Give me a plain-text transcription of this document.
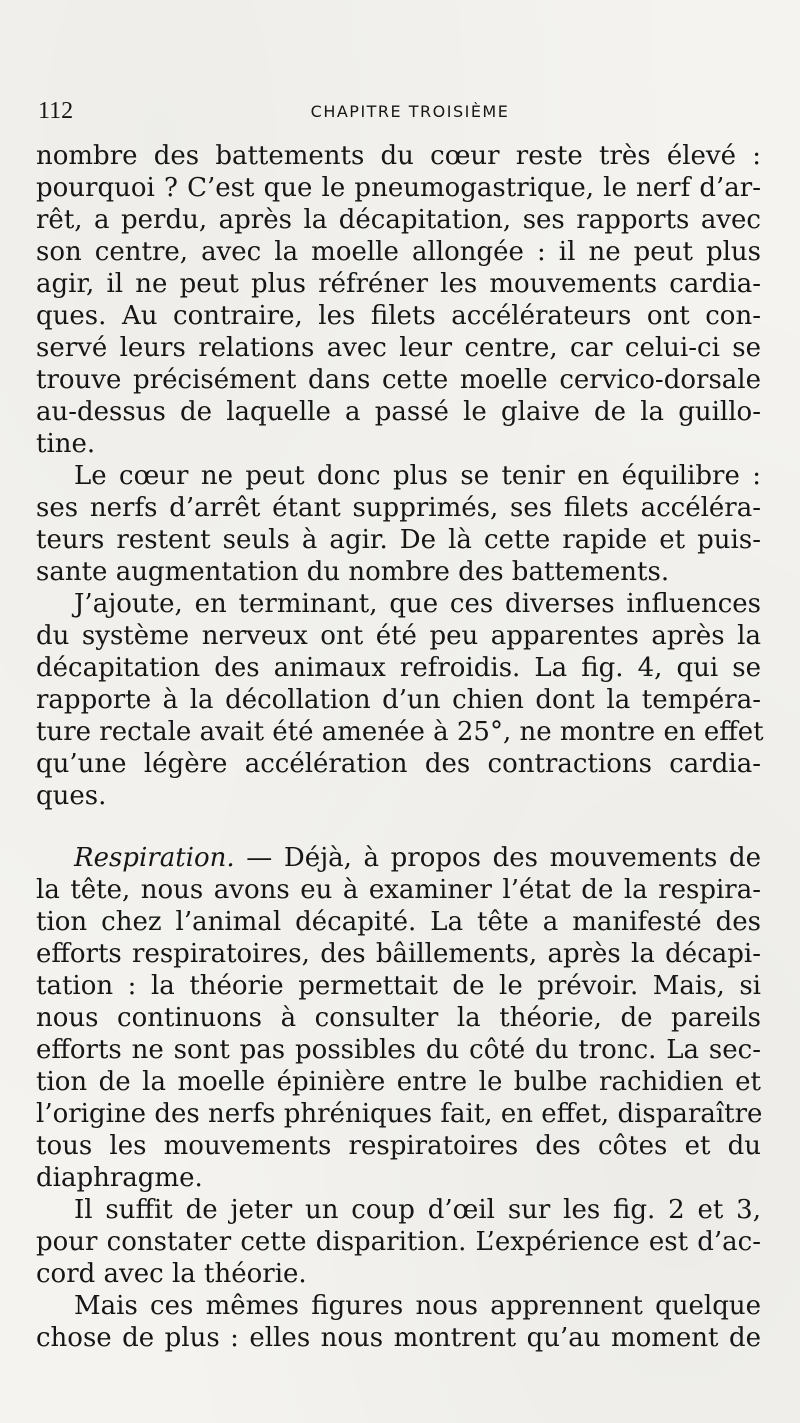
112	CHAPITRE TROISIÈME
nombre des battements du cœur reste très élevé :
pourquoi ? C’est que le pneumogastrique, le nerf d’ar-
rêt, a perdu, après la décapitation, ses rapports avec
son centre, avec la moelle allongée : il ne peut plus
agir, il ne peut plus réfréner les mouvements cardia-
ques. Au contraire, les filets accélérateurs ont con-
servé leurs relations avec leur centre, car celui-ci se
trouve précisément dans cette moelle cervico-dorsale
au-dessus de laquelle a passé le glaive de la guillo-
tine.
Le cœur ne peut donc plus se tenir en équilibre :
ses nerfs d’arrêt étant supprimés, ses filets accéléra-
teurs restent seuls à agir. De là cette rapide et puis-
sante augmentation du nombre des battements.
J’ajoute, en terminant, que ces diverses influences
du système nerveux ont été peu apparentes après la
décapitation des animaux refroidis. La fig. 4, qui se
rapporte à la décollation d’un chien dont la tempéra-
ture rectale avait été amenée à 25°, ne montre en effet
qu’une légère accélération des contractions cardia-
ques.
Respiration. — Déjà, à propos des mouvements de
la tête, nous avons eu à examiner l’état de la respira-
tion chez l’animal décapité. La tête a manifesté des
efforts respiratoires, des bâillements, après la décapi-
tation : la théorie permettait de le prévoir. Mais, si
nous continuons à consulter la théorie, de pareils
efforts ne sont pas possibles du côté du tronc. La sec-
tion de la moelle épinière entre le bulbe rachidien et
l’origine des nerfs phréniques fait, en effet, disparaître
tous les mouvements respiratoires des côtes et du
diaphragme.
Il suffit de jeter un coup d’œil sur les fig. 2 et 3,
pour constater cette disparition. L’expérience est d’ac-
cord avec la théorie.
Mais ces mêmes figures nous apprennent quelque
chose de plus : elles nous montrent qu’au moment de
